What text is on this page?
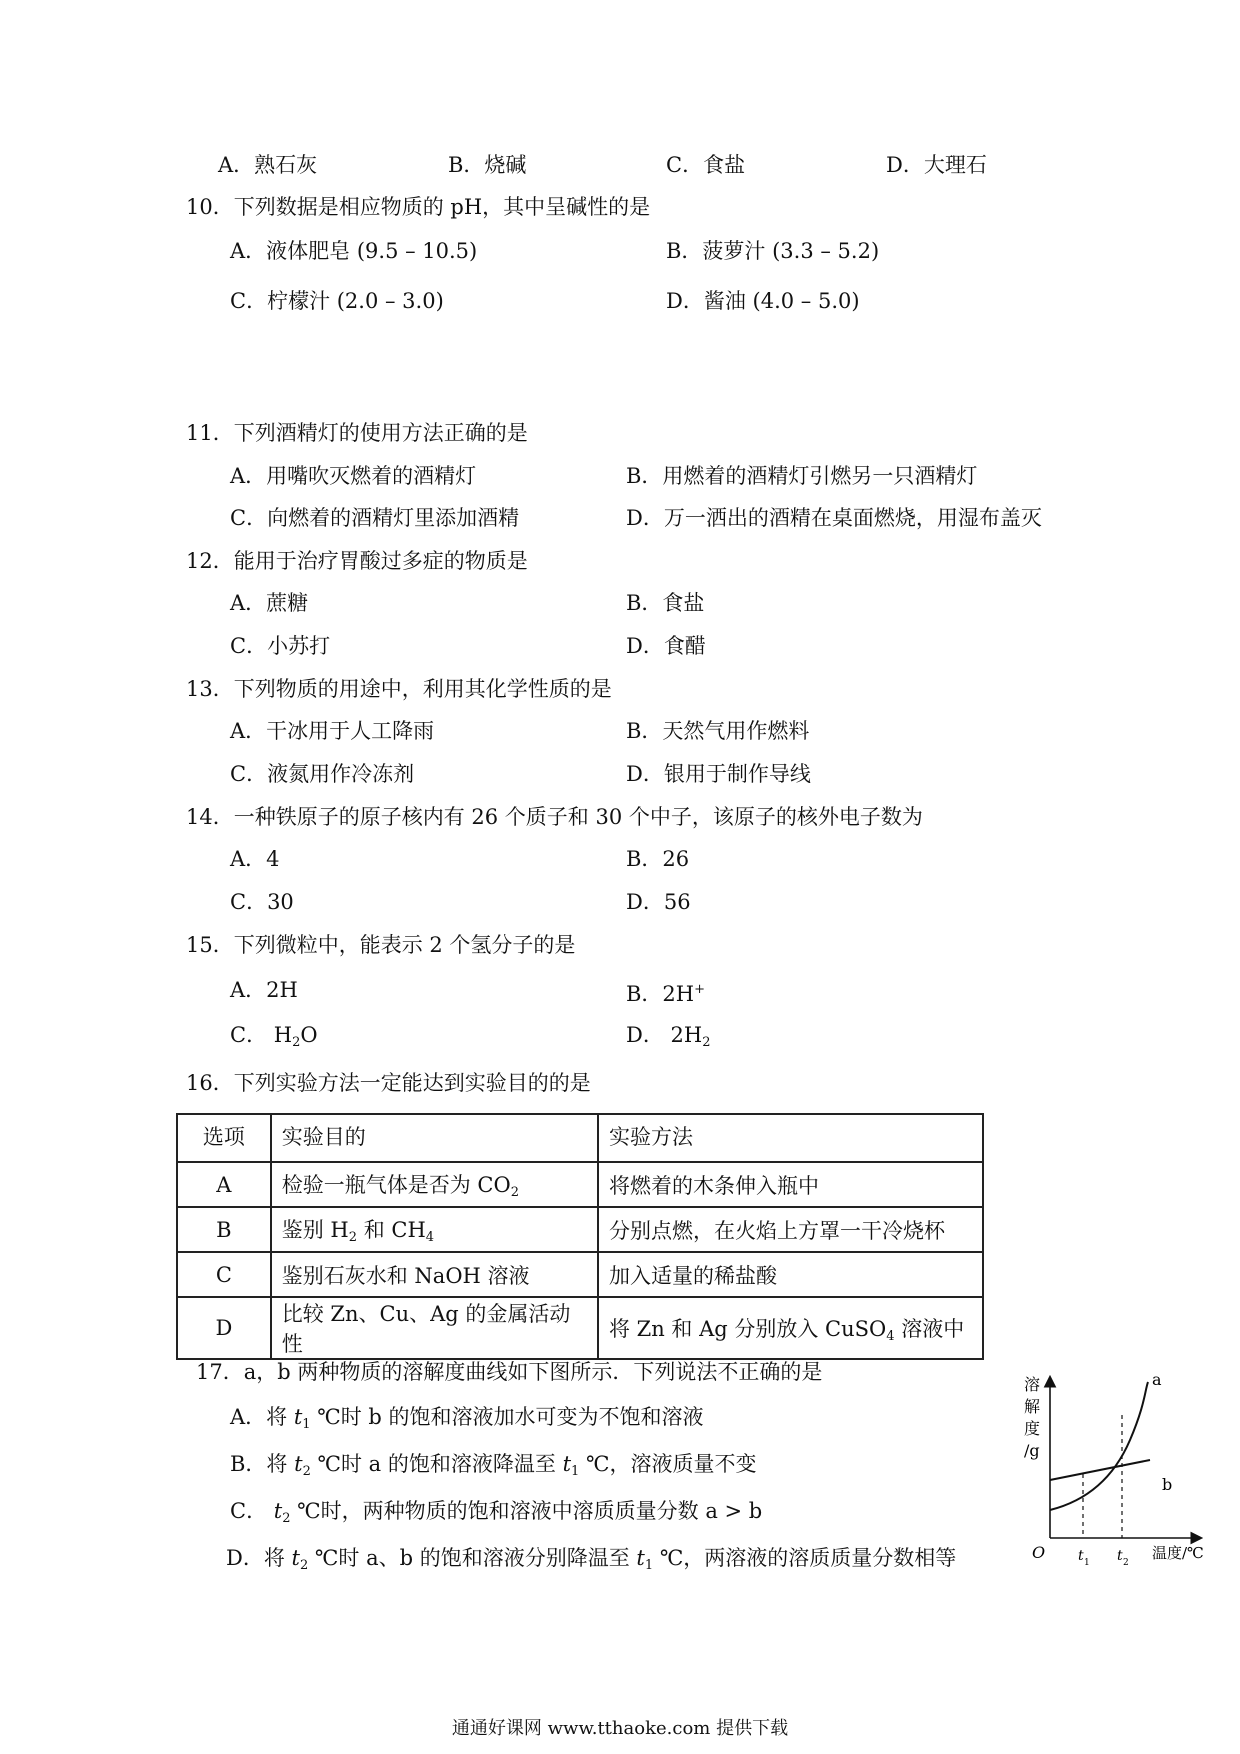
A．熟石灰	B．烧碱	C．食盐	D．大理石
10．下列数据是相应物质的 pH，其中呈碱性的是
A．液体肥皂 (9.5 – 10.5)	B．菠萝汁 (3.3 – 5.2)
C．柠檬汁 (2.0 – 3.0)	D．酱油 (4.0 – 5.0)
11．下列酒精灯的使用方法正确的是
A．用嘴吹灭燃着的酒精灯	B．用燃着的酒精灯引燃另一只酒精灯
C．向燃着的酒精灯里添加酒精	D．万一洒出的酒精在桌面燃烧，用湿布盖灭
12．能用于治疗胃酸过多症的物质是
A．蔗糖	B．食盐
C．小苏打	D．食醋
13．下列物质的用途中，利用其化学性质的是
A．干冰用于人工降雨	B．天然气用作燃料
C．液氮用作冷冻剂	D．银用于制作导线
14．一种铁原子的原子核内有 26 个质子和 30 个中子，该原子的核外电子数为
A．4	B．26
C．30	D．56
15．下列微粒中，能表示 2 个氢分子的是
A．2H	B．2H+
C． $H_2O$	D． $2H_2$
16．下列实验方法一定能达到实验目的的是
选项	实验目的	实验方法
A	检验一瓶气体是否为 $CO_2$	将燃着的木条伸入瓶中
B	鉴别 $H_2$ 和 $CH_4$	分别点燃，在火焰上方罩一干冷烧杯
C	鉴别石灰水和 NaOH 溶液	加入适量的稀盐酸
D	比较 Zn、Cu、Ag 的金属活动性	将 Zn 和 Ag 分别放入 CuSO$_4$ 溶液中
17．a，b 两种物质的溶解度曲线如下图所示．下列说法不正确的是
A．将 $t_1$ ℃时 b 的饱和溶液加水可变为不饱和溶液
B．将 $t_2$ ℃时 a 的饱和溶液降温至 $t_1$ ℃，溶液质量不变
C． $t_2$ ℃时，两种物质的饱和溶液中溶质质量分数 a > b
D．将 $t_2$ ℃时 a、b 的饱和溶液分别降温至 $t_1$ ℃，两溶液的溶质质量分数相等
溶
解
度
/g
O t 1 t 2
温度/℃
a
b
通通好课网 www.tthaoke.com 提供下载
